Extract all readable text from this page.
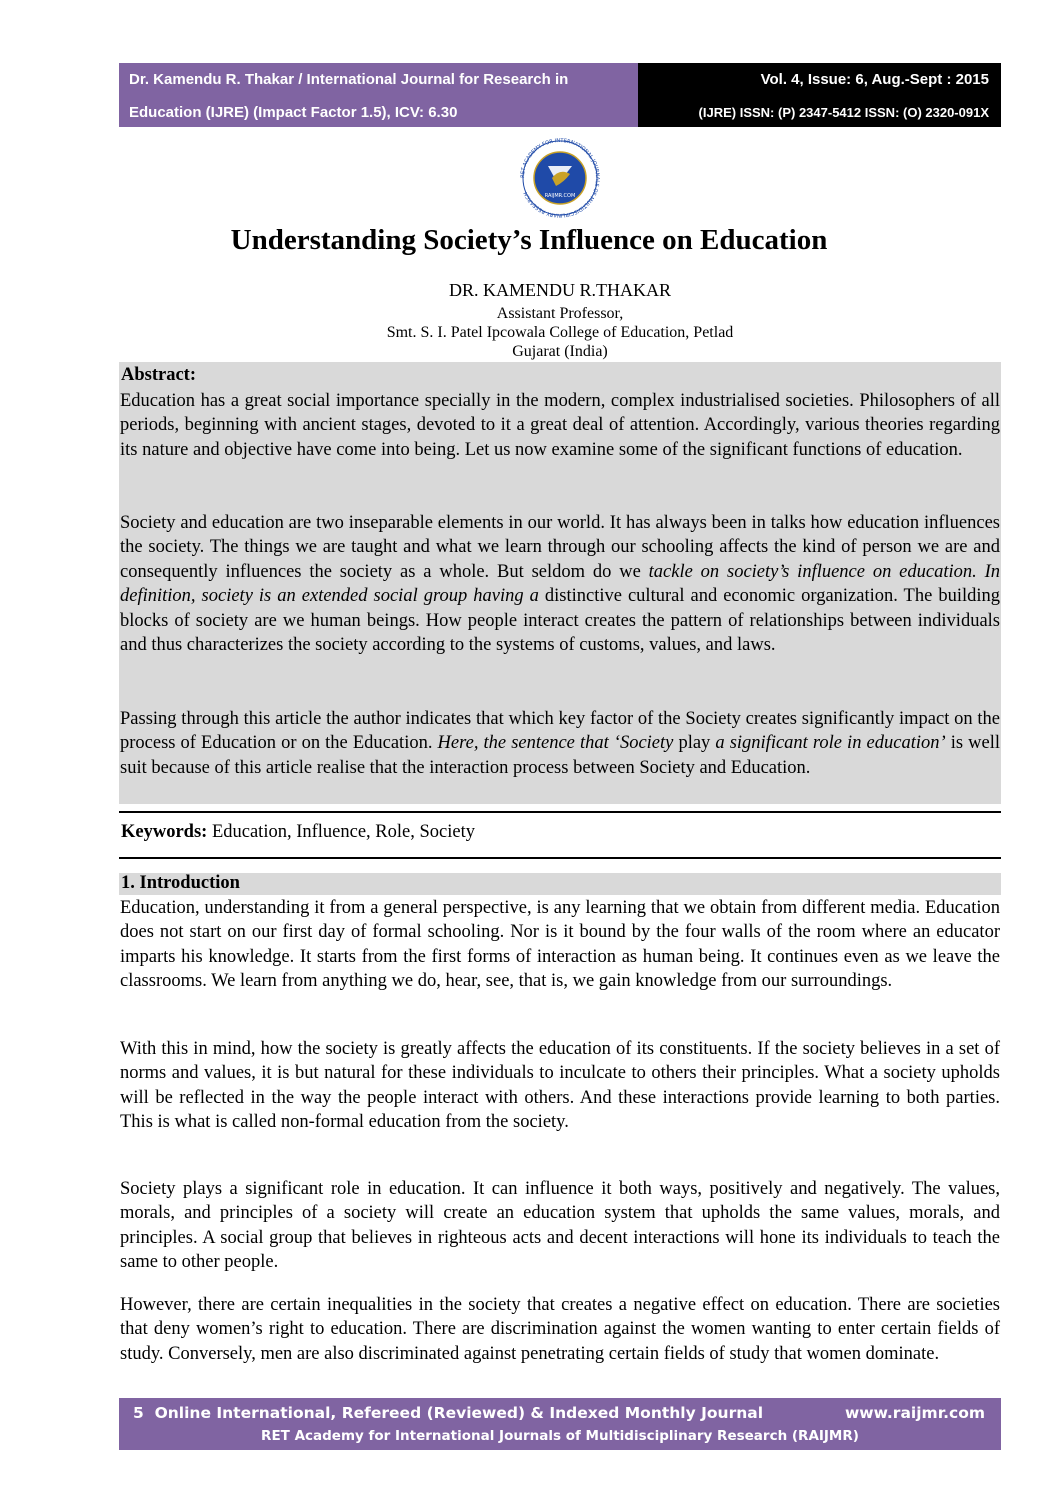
Dr. Kamendu R. Thakar / International Journal for Research in
Education (IJRE) (Impact Factor 1.5), ICV: 6.30
Vol. 4, Issue: 6, Aug.-Sept : 2015
(IJRE) ISSN: (P) 2347-5412 ISSN: (O) 2320-091X
RET ACADEMY FOR INTERNATIONAL JOURNALS OF MULTIDISCIPLINARY RESEARCH	RAIJMR.COM
Understanding Society’s Influence on Education
DR. KAMENDU R.THAKAR
Assistant Professor,
Smt. S. I. Patel Ipcowala College of Education, Petlad
Gujarat (India)
Abstract:
Education has a great social importance specially in the modern, complex industrialised societies. Philosophers of all periods, beginning with ancient stages, devoted to it a great deal of attention. Accordingly, various theories regarding its nature and objective have come into being. Let us now examine some of the significant functions of education.
Society and education are two inseparable elements in our world. It has always been in talks how education influences the society. The things we are taught and what we learn through our schooling affects the kind of person we are and consequently influences the society as a whole. But seldom do we tackle on society’s influence on education. In definition, society is an extended social group having a distinctive cultural and economic organization. The building blocks of society are we human beings. How people interact creates the pattern of relationships between individuals and thus characterizes the society according to the systems of customs, values, and laws.
Passing through this article the author indicates that which key factor of the Society creates significantly impact on the process of Education or on the Education. Here, the sentence that ‘Society play a significant role in education’ is well suit because of this article realise that the interaction process between Society and Education.
Keywords: Education, Influence, Role, Society
1. Introduction
Education, understanding it from a general perspective, is any learning that we obtain from different media. Education does not start on our first day of formal schooling. Nor is it bound by the four walls of the room where an educator imparts his knowledge. It starts from the first forms of interaction as human being. It continues even as we leave the classrooms. We learn from anything we do, hear, see, that is, we gain knowledge from our surroundings.
With this in mind, how the society is greatly affects the education of its constituents. If the society believes in a set of norms and values, it is but natural for these individuals to inculcate to others their principles. What a society upholds will be reflected in the way the people interact with others. And these interactions provide learning to both parties. This is what is called non-formal education from the society.
Society plays a significant role in education. It can influence it both ways, positively and negatively. The values, morals, and principles of a society will create an education system that upholds the same values, morals, and principles. A social group that believes in righteous acts and decent interactions will hone its individuals to teach the same to other people.
However, there are certain inequalities in the society that creates a negative effect on education. There are societies that deny women’s right to education. There are discrimination against the women wanting to enter certain fields of study. Conversely, men are also discriminated against penetrating certain fields of study that women dominate.
5 Online International, Refereed (Reviewed) & Indexed Monthly Journal	www.raijmr.com
RET Academy for International Journals of Multidisciplinary Research (RAIJMR)
